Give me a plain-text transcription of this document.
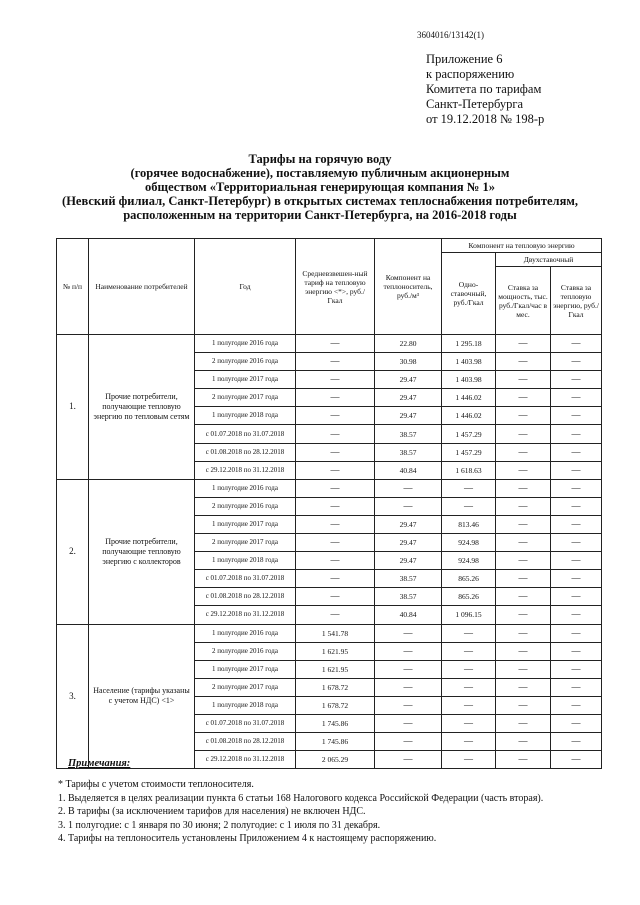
3604016/13142(1)
Приложение 6
к распоряжению
Комитета по тарифам
Санкт-Петербурга
от 19.12.2018 № 198-р
Тарифы на горячую воду
(горячее водоснабжение), поставляемую публичным акционерным
обществом «Территориальная генерирующая компания № 1»
(Невский филиал, Санкт-Петербург) в открытых системах теплоснабжения потребителям,
расположенным на территории Санкт-Петербурга, на 2016-2018 годы
№ п/п	Наименование потребителей	Год	Средневзвешен-ный тариф на тепловую энергию <*>, руб./Гкал	Компонент на теплоноситель, руб./м³	Компонент на тепловую энергию		
					Одно-ставочный, руб./Гкал	Двухставочный	
						Ставка за мощность, тыс. руб./Гкал/час в мес.	Ставка за тепловую энергию, руб./Гкал
1.	Прочие потребители, получающие тепловую энергию по тепловым сетям	1 полугодие 2016 года	—	22.80	1 295.18	—	—
		2 полугодие 2016 года	—	30.98	1 403.98	—	—
		1 полугодие 2017 года	—	29.47	1 403.98	—	—
		2 полугодие 2017 года	—	29.47	1 446.02	—	—
		1 полугодие 2018 года	—	29.47	1 446.02	—	—
		с 01.07.2018 по 31.07.2018	—	38.57	1 457.29	—	—
		с 01.08.2018 по 28.12.2018	—	38.57	1 457.29	—	—
		с 29.12.2018 по 31.12.2018	—	40.84	1 618.63	—	—
2.	Прочие потребители, получающие тепловую энергию с коллекторов	1 полугодие 2016 года	—	—	—	—	—
		2 полугодие 2016 года	—	—	—	—	—
		1 полугодие 2017 года	—	29.47	813.46	—	—
		2 полугодие 2017 года	—	29.47	924.98	—	—
		1 полугодие 2018 года	—	29.47	924.98	—	—
		с 01.07.2018 по 31.07.2018	—	38.57	865.26	—	—
		с 01.08.2018 по 28.12.2018	—	38.57	865.26	—	—
		с 29.12.2018 по 31.12.2018	—	40.84	1 096.15	—	—
3.	Население (тарифы указаны с учетом НДС) <1>	1 полугодие 2016 года	1 541.78	—	—	—	—
		2 полугодие 2016 года	1 621.95	—	—	—	—
		1 полугодие 2017 года	1 621.95	—	—	—	—
		2 полугодие 2017 года	1 678.72	—	—	—	—
		1 полугодие 2018 года	1 678.72	—	—	—	—
		с 01.07.2018 по 31.07.2018	1 745.86	—	—	—	—
		с 01.08.2018 по 28.12.2018	1 745.86	—	—	—	—
		с 29.12.2018 по 31.12.2018	2 065.29	—	—	—	—
Примечания:
* Тарифы с учетом стоимости теплоносителя.
1. Выделяется в целях реализации пункта 6 статьи 168 Налогового кодекса Российской Федерации (часть вторая).
2. В тарифы (за исключением тарифов для населения) не включен НДС.
3. 1 полугодие: с 1 января по 30 июня; 2 полугодие: с 1 июля по 31 декабря.
4. Тарифы на теплоноситель установлены Приложением 4 к настоящему распоряжению.
